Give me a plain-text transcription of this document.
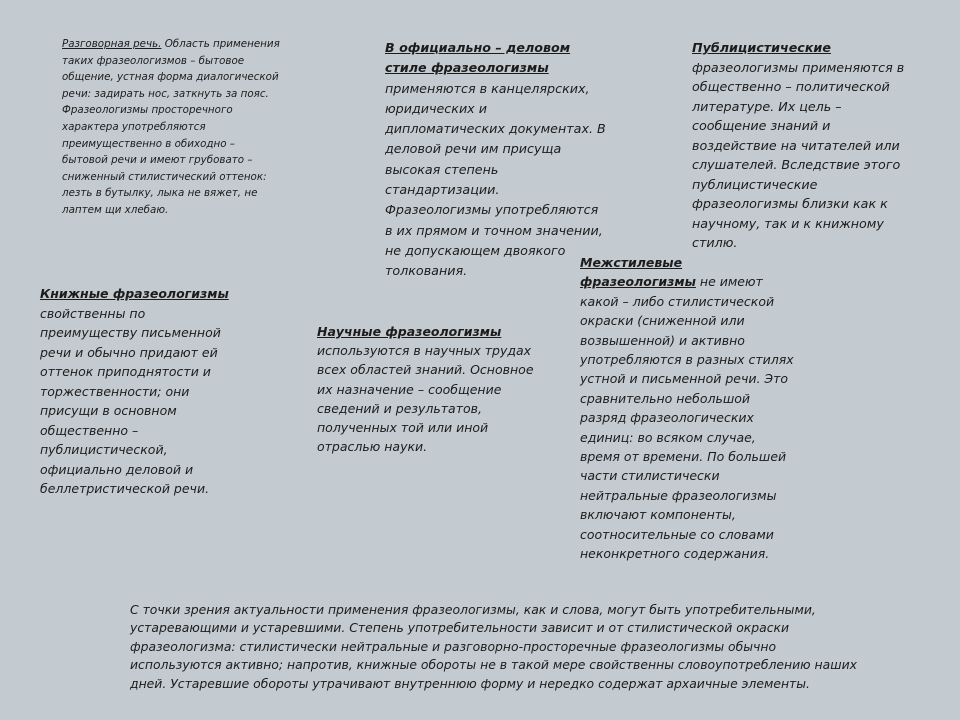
Разговорная речь. Область применения таких фразеологизмов – бытовое общение, устная форма диалогической речи: задирать нос, заткнуть за пояс. Фразеологизмы просторечного характера употребляются преимущественно в обиходно – бытовой речи и имеют грубовато – сниженный стилистический оттенок: лезть в бутылку, лыка не вяжет, не лаптем щи хлебаю.

В официально – деловом стиле фразеологизмы применяются в канцелярских, юридических и дипломатических документах. В деловой речи им присуща высокая степень стандартизации. Фразеологизмы употребляются в их прямом и точном значении, не допускающем двоякого толкования.

Публицистические фразеологизмы применяются в общественно – политической литературе. Их цель – сообщение знаний и воздействие на читателей или слушателей. Вследствие этого публицистические фразеологизмы близки как к научному, так и к книжному стилю.

Межстилевые фразеологизмы не имеют какой – либо стилистической окраски (сниженной или возвышенной) и активно употребляются в разных стилях устной и письменной речи. Это сравнительно небольшой разряд фразеологических единиц: во всяком случае, время от времени. По большей части стилистически нейтральные фразеологизмы включают компоненты, соотносительные со словами неконкретного содержания.

Книжные фразеологизмы свойственны по преимуществу письменной речи и обычно придают ей оттенок приподнятости и торжественности; они присущи в основном общественно – публицистической, официально деловой и беллетристической речи.

Научные фразеологизмы используются в научных трудах всех областей знаний. Основное их назначение – сообщение сведений и результатов, полученных той или иной отраслью науки.

С точки зрения актуальности применения фразеологизмы, как и слова, могут быть употребительными, устаревающими и устаревшими. Степень употребительности зависит и от стилистической окраски фразеологизма: стилистически нейтральные и разговорно-просторечные фразеологизмы обычно используются активно; напротив, книжные обороты не в такой мере свойственны словоупотреблению наших дней. Устаревшие обороты утрачивают внутреннюю форму и нередко содержат архаичные элементы.
